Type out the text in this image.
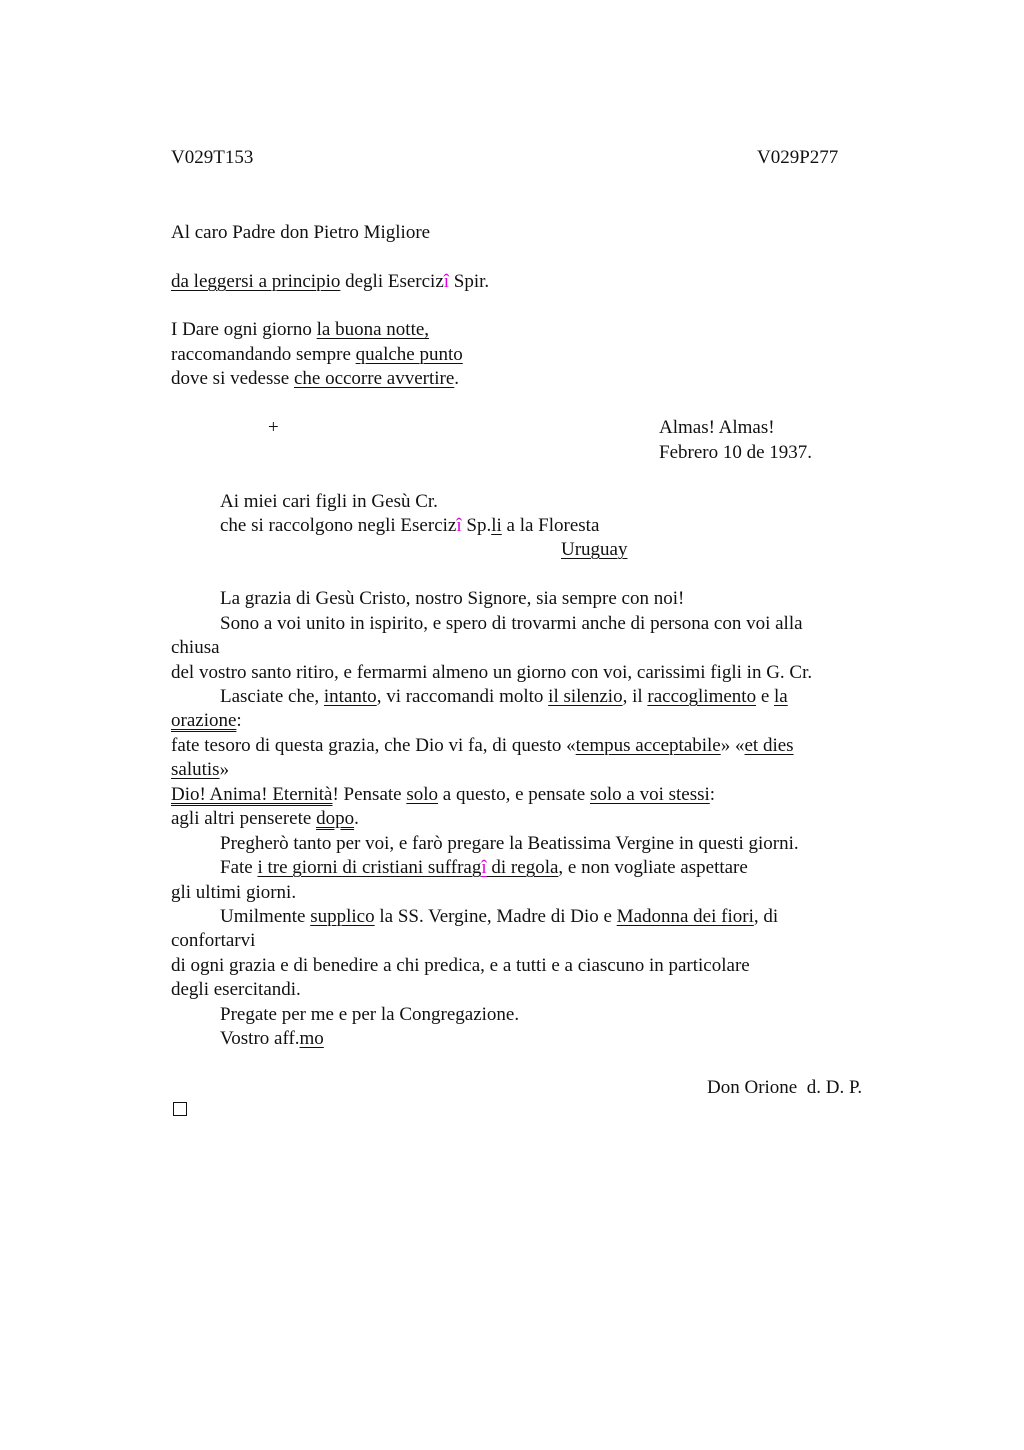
V029T153	V029P277
Al caro Padre don Pietro Migliore
da leggersi a principio degli Esercizî Spir.
I Dare ogni giorno la buona notte,
raccomandando sempre qualche punto
dove si vedesse che occorre avvertire.
+	Almas! Almas!
Febrero 10 de 1937.
Ai miei cari figli in Gesù Cr.
che si raccolgono negli Esercizî Sp.li a la Floresta
Uruguay
La grazia di Gesù Cristo, nostro Signore, sia sempre con noi!
Sono a voi unito in ispirito, e spero di trovarmi anche di persona con voi alla
chiusa
del vostro santo ritiro, e fermarmi almeno un giorno con voi, carissimi figli in G. Cr.
Lasciate che, intanto, vi raccomandi molto il silenzio, il raccoglimento e la
orazione:
fate tesoro di questa grazia, che Dio vi fa, di questo «tempus acceptabile» «et dies
salutis»
Dio! Anima! Eternità! Pensate solo a questo, e pensate solo a voi stessi:
agli altri penserete dopo.
Pregherò tanto per voi, e farò pregare la Beatissima Vergine in questi giorni.
Fate i tre giorni di cristiani suffragî di regola, e non vogliate aspettare
gli ultimi giorni.
Umilmente supplico la SS. Vergine, Madre di Dio e Madonna dei fiori, di
confortarvi
di ogni grazia e di benedire a chi predica, e a tutti e a ciascuno in particolare
degli esercitandi.
Pregate per me e per la Congregazione.
Vostro aff.mo
Don Orione  d. D. P.
